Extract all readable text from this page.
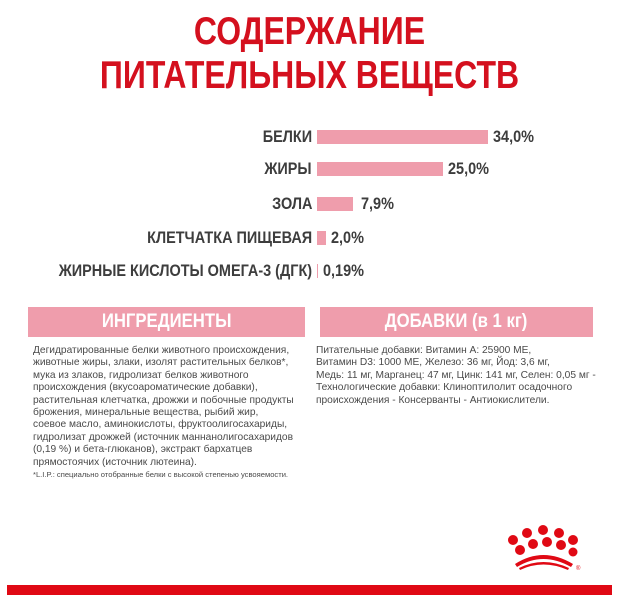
СОДЕРЖАНИЕ
ПИТАТЕЛЬНЫХ ВЕЩЕСТВ
БЕЛКИ	34,0%
ЖИРЫ	25,0%
ЗОЛА	7,9%
КЛЕТЧАТКА ПИЩЕВАЯ 2,0%
ЖИРНЫЕ КИСЛОТЫ ОМЕГА-3 (ДГК) 0,19%
ИНГРЕДИЕНТЫ	ДОБАВКИ (в 1 кг)
Дегидратированные белки животного происхождения,
животные жиры, злаки, изолят растительных белков*,
мука из злаков, гидролизат белков животного
происхождения (вкусоароматические добавки),
растительная клетчатка, дрожжи и побочные продукты
брожения, минеральные вещества, рыбий жир,
соевое масло, аминокислоты, фруктоолигосахариды,
гидролизат дрожжей (источник маннанолигосахаридов
(0,19 %) и бета-глюканов), экстракт бархатцев
прямостоячих (источник лютеина).
*L.I.P.: специально отобранные белки с высокой степенью усвояемости.
Питательные добавки: Витамин А: 25900 МЕ,
Витамин D3: 1000 МЕ, Железо: 36 мг, Йод: 3,6 мг,
Медь: 11 мг, Марганец: 47 мг, Цинк: 141 мг, Селен: 0,05 мг -
Технологические добавки: Клиноптилолит осадочного
происхождения - Консерванты - Антиокислители.
®
